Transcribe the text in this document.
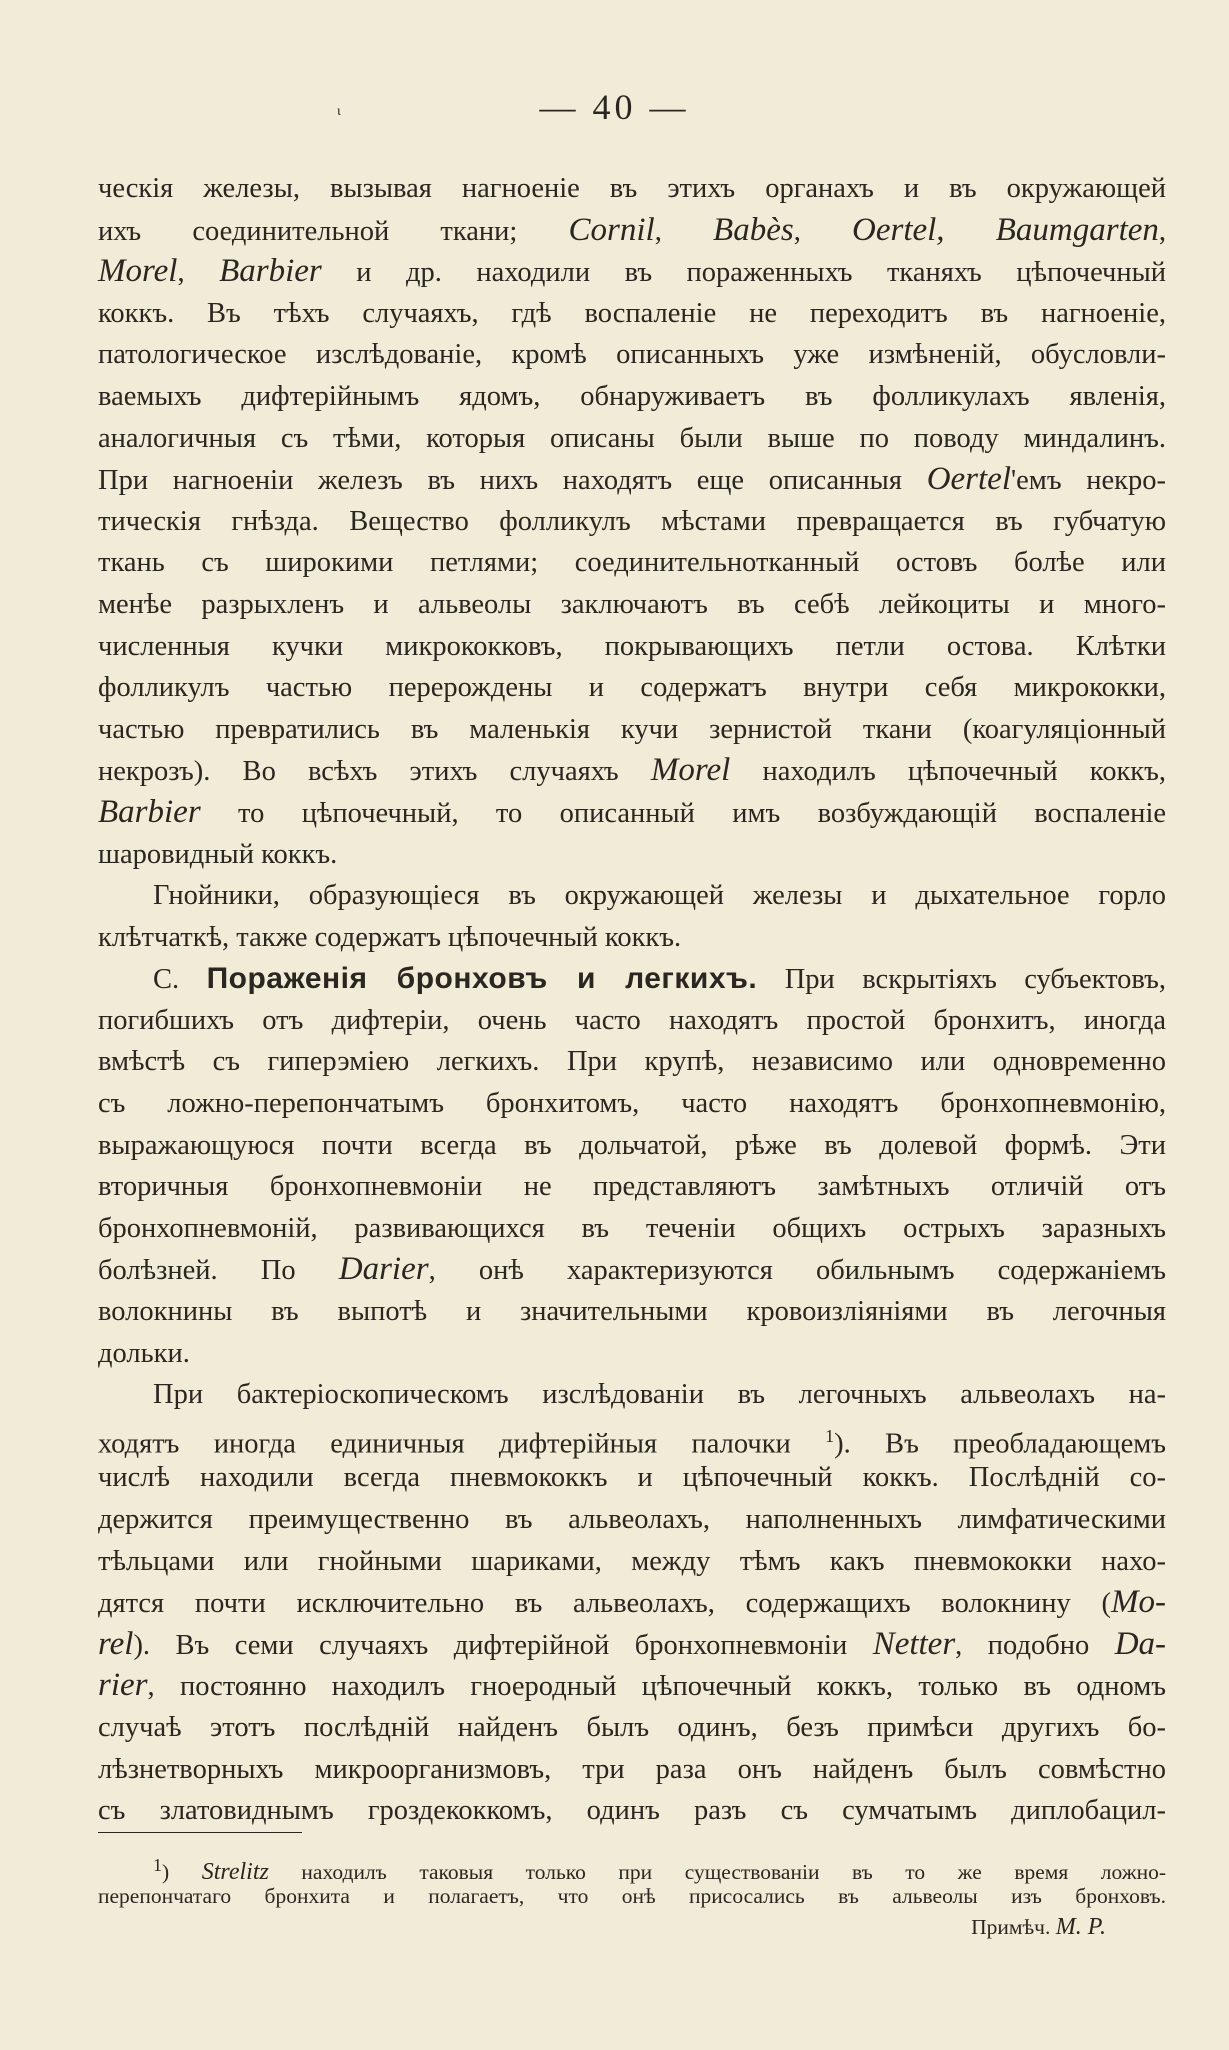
ι	— 40 —
ческія железы, вызывая нагноеніе въ этихъ органахъ и въ окружающей
ихъ соединительной ткани; Cornil, Babès, Oertel, Baumgarten,
Morel, Barbier и др. находили въ пораженныхъ тканяхъ цѣпочечный
коккъ. Въ тѣхъ случаяхъ, гдѣ воспаленіе не переходитъ въ нагноеніе,
патологическое изслѣдованіе, кромѣ описанныхъ уже измѣненій, обусловли-
ваемыхъ дифтерійнымъ ядомъ, обнаруживаетъ въ фолликулахъ явленія,
аналогичныя съ тѣми, которыя описаны были выше по поводу миндалинъ.
При нагноеніи железъ въ нихъ находятъ еще описанныя Oertel'емъ некро-
тическія гнѣзда. Вещество фолликулъ мѣстами превращается въ губчатую
ткань съ широкими петлями; соединительнотканный остовъ болѣе или
менѣе разрыхленъ и альвеолы заключаютъ въ себѣ лейкоциты и много-
численныя кучки микрококковъ, покрывающихъ петли остова. Клѣтки
фолликулъ частью перерождены и содержатъ внутри себя микрококки,
частью превратились въ маленькія кучи зернистой ткани (коагуляціонный
некрозъ). Во всѣхъ этихъ случаяхъ Morel находилъ цѣпочечный коккъ,
Barbier то цѣпочечный, то описанный имъ возбуждающій воспаленіе
шаровидный коккъ.
Гнойники, образующіеся въ окружающей железы и дыхательное горло
клѣтчаткѣ, также содержатъ цѣпочечный коккъ.
С. Пораженія бронховъ и легкихъ. При вскрытіяхъ субъектовъ,
погибшихъ отъ дифтеріи, очень часто находятъ простой бронхитъ, иногда
вмѣстѣ съ гиперэміею легкихъ. При крупѣ, независимо или одновременно
съ ложно-перепончатымъ бронхитомъ, часто находятъ бронхопневмонію,
выражающуюся почти всегда въ дольчатой, рѣже въ долевой формѣ. Эти
вторичныя бронхопневмоніи не представляютъ замѣтныхъ отличій отъ
бронхопневмоній, развивающихся въ теченіи общихъ острыхъ заразныхъ
болѣзней. По Darier, онѣ характеризуются обильнымъ содержаніемъ
волокнины въ выпотѣ и значительными кровоизліяніями въ легочныя
дольки.
При бактеріоскопическомъ изслѣдованіи въ легочныхъ альвеолахъ на-
ходятъ иногда единичныя дифтерійныя палочки $^1$). Въ преобладающемъ
числѣ находили всегда пневмококкъ и цѣпочечный коккъ. Послѣдній со-
держится преимущественно въ альвеолахъ, наполненныхъ лимфатическими
тѣльцами или гнойными шариками, между тѣмъ какъ пневмококки нахо-
дятся почти исключительно въ альвеолахъ, содержащихъ волокнину (Mo-
rel). Въ семи случаяхъ дифтерійной бронхопневмоніи Netter, подобно Da-
rier, постоянно находилъ гноеродный цѣпочечный коккъ, только въ одномъ
случаѣ этотъ послѣдній найденъ былъ одинъ, безъ примѣси другихъ бо-
лѣзнетворныхъ микроорганизмовъ, три раза онъ найденъ былъ совмѣстно
съ златовиднымъ гроздекоккомъ, одинъ разъ съ сумчатымъ диплобацил-
$^1$) Strelitz находилъ таковыя только при существованіи въ то же время ложно-
перепончатаго бронхита и полагаетъ, что онѣ присосались въ альвеолы изъ бронховъ.
Примѣч. М. Р.
